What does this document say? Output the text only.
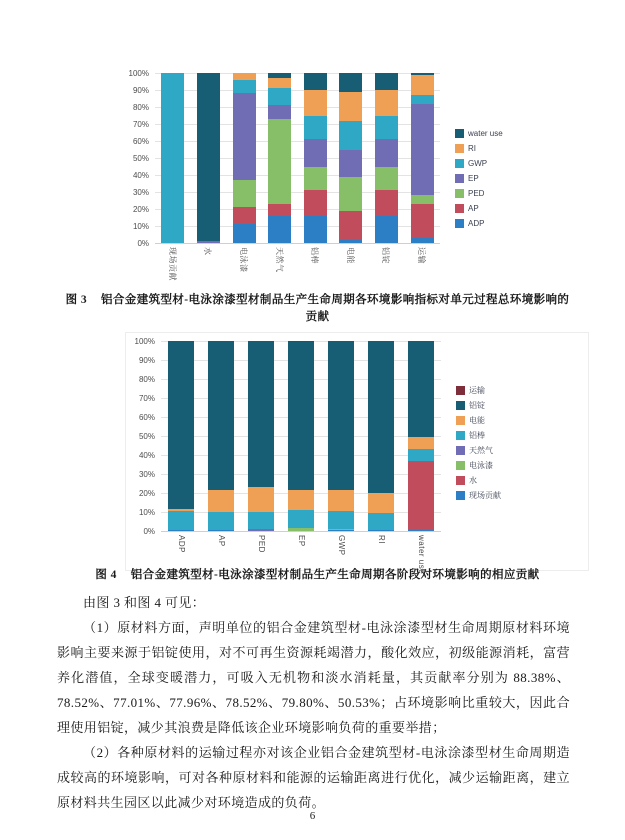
0%
10%
20%
30%
40%
50%
60%
70%
80%
90%
100%
现场贡献	水	电泳漆	天然气	铝棒	电能	铝锭	运输
water use
RI
GWP
EP
PED
AP
ADP

图 3 铝合金建筑型材-电泳涂漆型材制品生产生命周期各环境影响指标对单元过程总环境影响的贡献

0%
10%
20%
30%
40%
50%
60%
70%
80%
90%
100%
ADP	AP	PED	EP	GWP	RI	water use
运输
铝锭
电能
铝棒
天然气
电泳漆
水
现场贡献

图 4 铝合金建筑型材-电泳涂漆型材制品生产生命周期各阶段对环境影响的相应贡献

由图 3 和图 4 可见：

（1）原材料方面，声明单位的铝合金建筑型材-电泳涂漆型材生命周期原材料环境影响主要来源于铝锭使用，对不可再生资源耗竭潜力，酸化效应，初级能源消耗，富营养化潜值，全球变暖潜力，可吸入无机物和淡水消耗量，其贡献率分别为 88.38%、78.52%、77.01%、77.96%、78.52%、79.80%、50.53%；占环境影响比重较大，因此合理使用铝锭，减少其浪费是降低该企业环境影响负荷的重要举措；

（2）各种原材料的运输过程亦对该企业铝合金建筑型材-电泳涂漆型材生命周期造成较高的环境影响，可对各种原材料和能源的运输距离进行优化，减少运输距离，建立原材料共生园区以此减少对环境造成的负荷。

6
